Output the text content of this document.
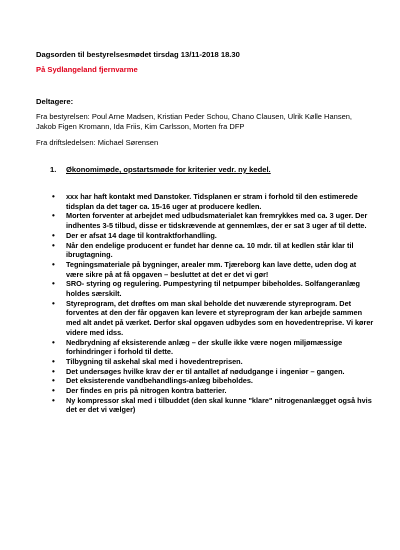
Dagsorden til bestyrelsesmødet tirsdag 13/11-2018 18.30
På Sydlangeland fjernvarme
Deltagere:
Fra bestyrelsen: Poul Arne Madsen, Kristian Peder Schou, Chano Clausen, Ulrik Kølle Hansen, Jakob Figen Kromann, Ida Friis, Kim Carlsson, Morten fra DFP
Fra driftsledelsen: Michael Sørensen
1. Økonomimøde, opstartsmøde for kriterier vedr. ny kedel.
•	xxx har haft kontakt med Danstoker. Tidsplanen er stram i forhold til den estimerede tidsplan da det tager ca. 15-16 uger at producere kedlen.
•	Morten forventer at arbejdet med udbudsmaterialet kan fremrykkes med ca. 3 uger. Der indhentes 3-5 tilbud, disse er tidskrævende at gennemlæs, der er sat 3 uger af til dette.
•	Der er afsat 14 dage til kontraktforhandling.
•	Når den endelige producent er fundet har denne ca. 10 mdr. til at kedlen står klar til ibrugtagning.
•	Tegningsmateriale på bygninger, arealer mm. Tjæreborg kan lave dette, uden dog at være sikre på at få opgaven – besluttet at det er det vi gør!
•	SRO- styring og regulering. Pumpestyring til netpumper bibeholdes. Solfangeranlæg holdes særskilt.
•	Styreprogram, det drøftes om man skal beholde det nuværende styreprogram. Det forventes at den der får opgaven kan levere et styreprogram der kan arbejde sammen med alt andet på værket. Derfor skal opgaven udbydes som en hovedentreprise. Vi kører videre med idss.
•	Nedbrydning af eksisterende anlæg – der skulle ikke være nogen miljømæssige forhindringer i forhold til dette.
•	Tilbygning til askehal skal med i hovedentreprisen.
•	Det undersøges hvilke krav der er til antallet af nødudgange i ingeniør – gangen.
•	Det eksisterende vandbehandlings-anlæg bibeholdes.
•	Der findes en pris på nitrogen kontra batterier.
•	Ny kompressor skal med i tilbuddet (den skal kunne "klare" nitrogenanlægget også hvis det er det vi vælger)
